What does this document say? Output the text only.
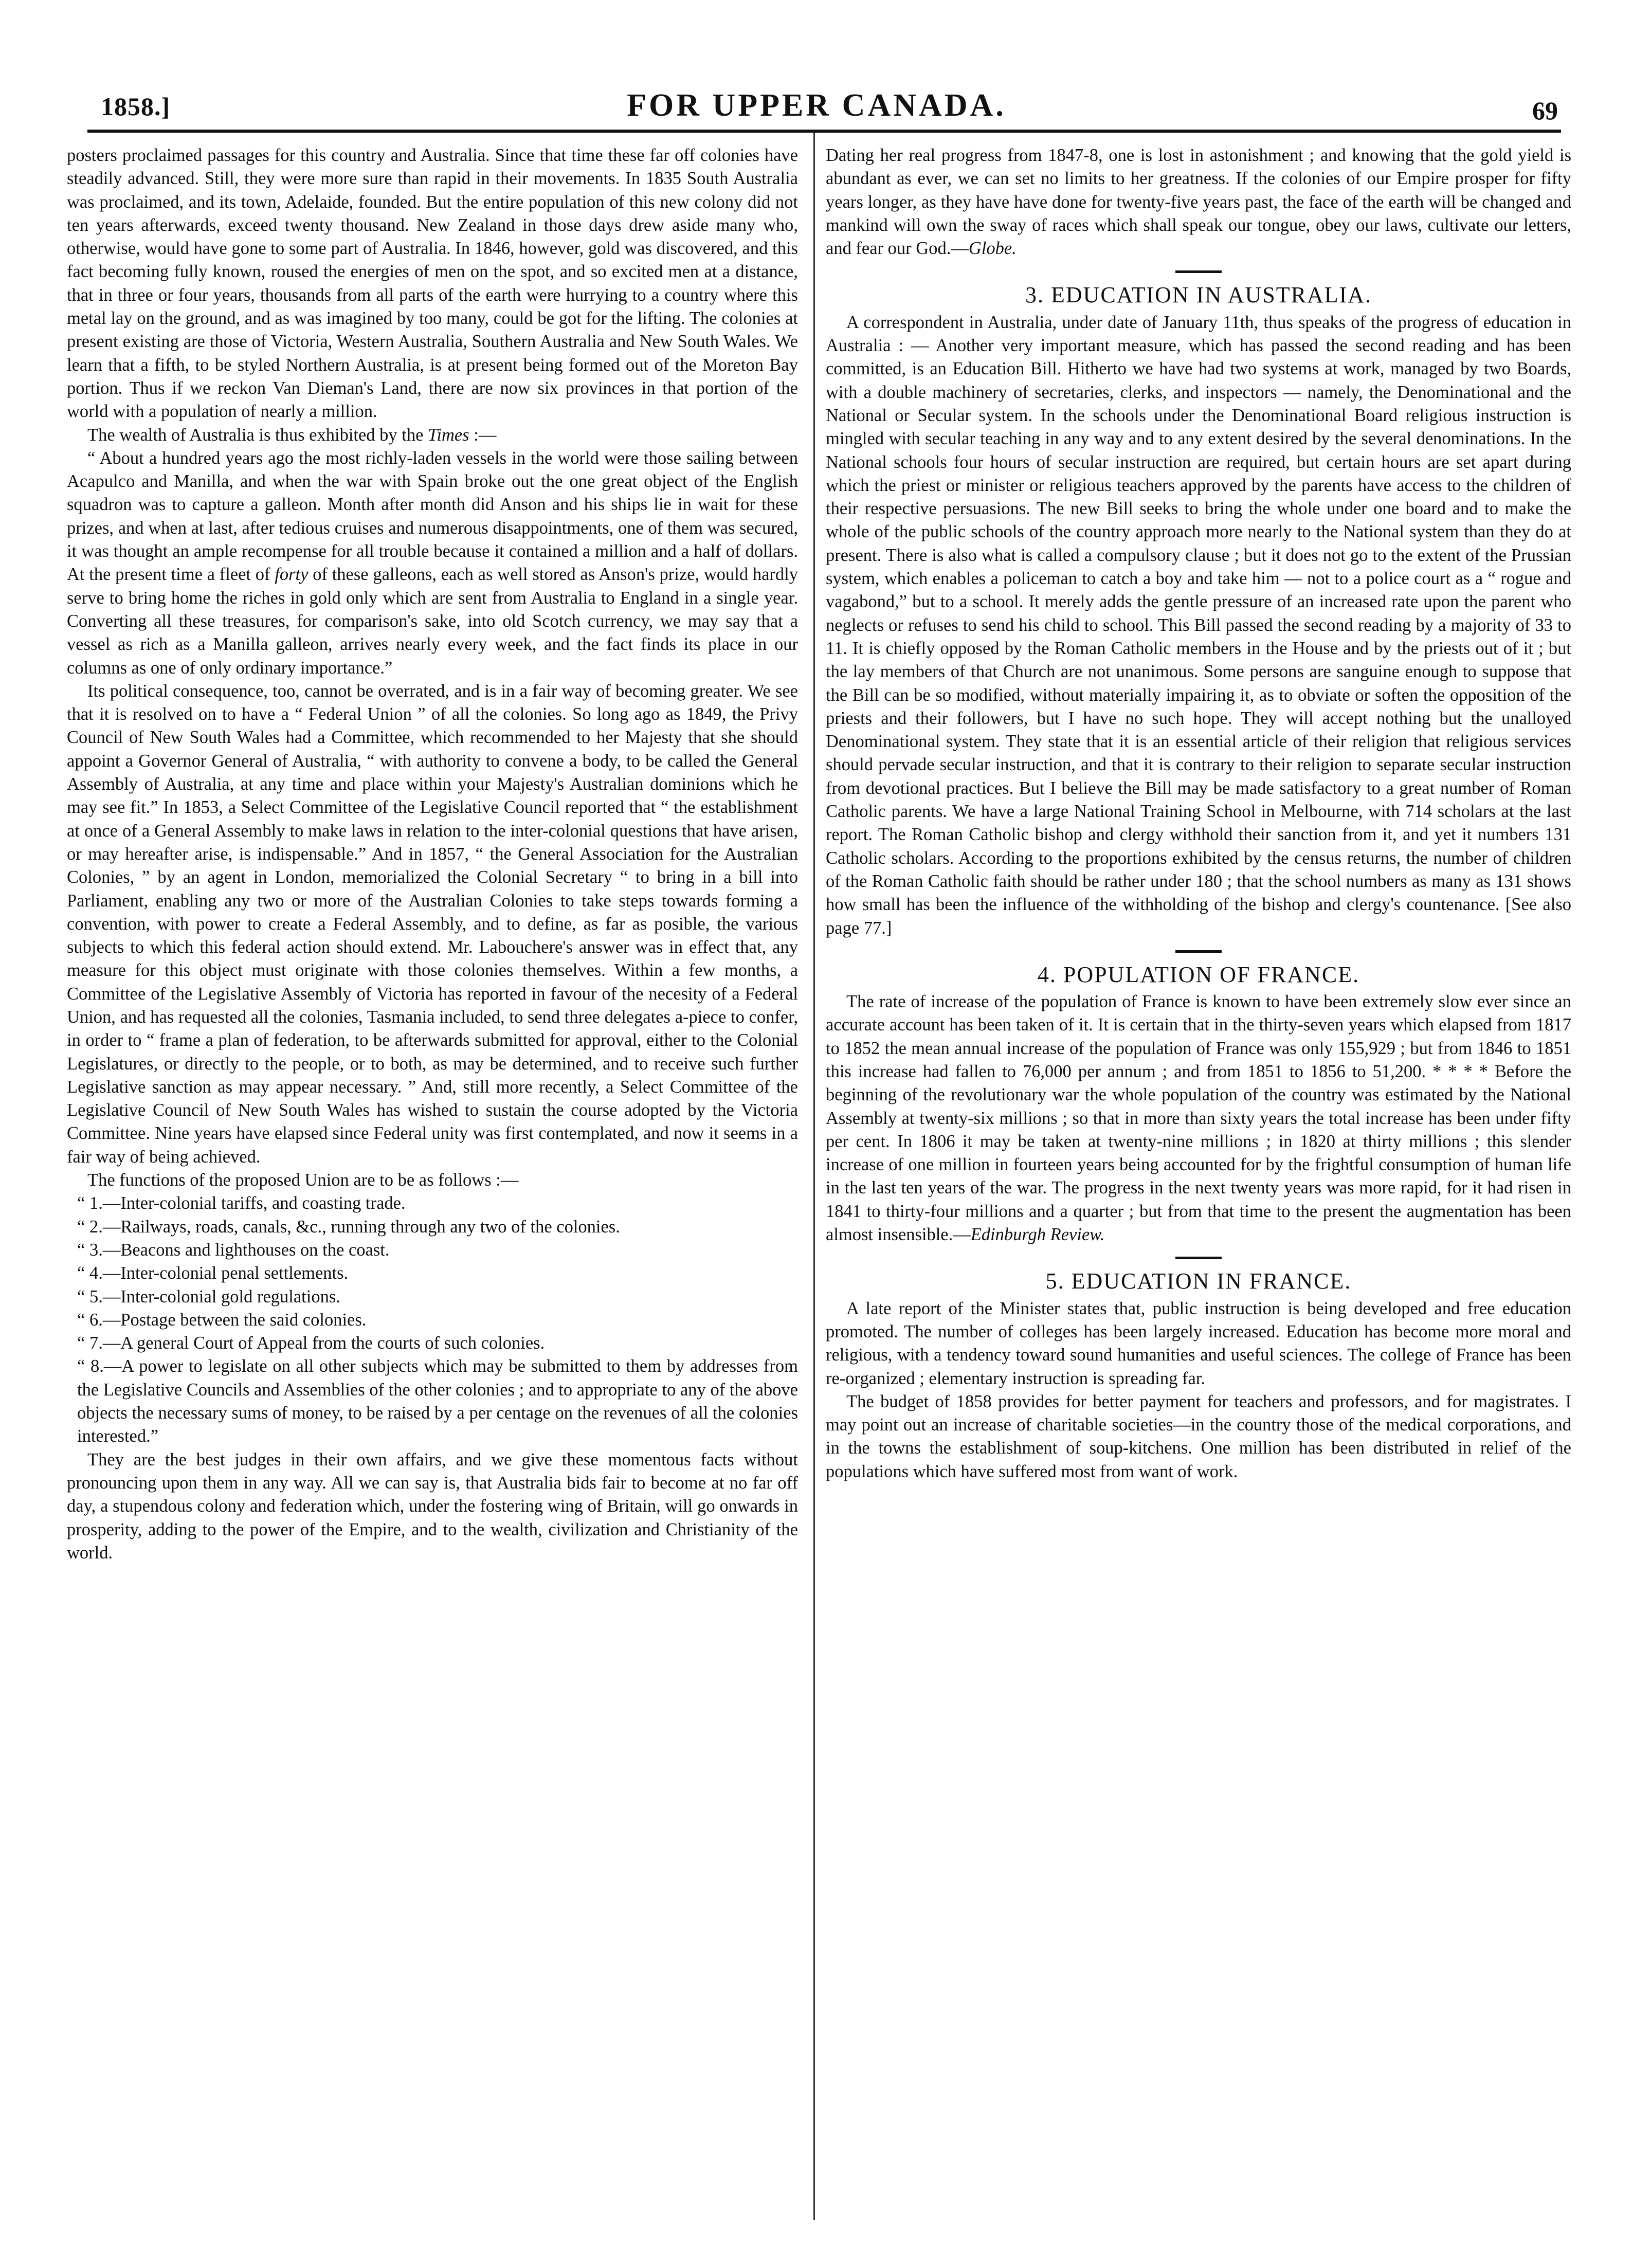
1858.]	FOR UPPER CANADA.	69

posters proclaimed passages for this country and Australia. Since that time these far off colonies have steadily advanced. Still, they were more sure than rapid in their movements. In 1835 South Australia was proclaimed, and its town, Adelaide, founded. But the entire population of this new colony did not ten years afterwards, exceed twenty thousand. New Zealand in those days drew aside many who, otherwise, would have gone to some part of Australia. In 1846, however, gold was discovered, and this fact becoming fully known, roused the energies of men on the spot, and so excited men at a distance, that in three or four years, thousands from all parts of the earth were hurrying to a country where this metal lay on the ground, and as was imagined by too many, could be got for the lifting. The colonies at present existing are those of Victoria, Western Australia, Southern Australia and New South Wales. We learn that a fifth, to be styled Northern Australia, is at present being formed out of the Moreton Bay portion. Thus if we reckon Van Dieman's Land, there are now six provinces in that portion of the world with a population of nearly a million.

The wealth of Australia is thus exhibited by the Times :—

“ About a hundred years ago the most richly-laden vessels in the world were those sailing between Acapulco and Manilla, and when the war with Spain broke out the one great object of the English squadron was to capture a galleon. Month after month did Anson and his ships lie in wait for these prizes, and when at last, after tedious cruises and numerous disappointments, one of them was secured, it was thought an ample recompense for all trouble because it contained a million and a half of dollars. At the present time a fleet of forty of these galleons, each as well stored as Anson's prize, would hardly serve to bring home the riches in gold only which are sent from Australia to England in a single year. Converting all these treasures, for comparison's sake, into old Scotch currency, we may say that a vessel as rich as a Manilla galleon, arrives nearly every week, and the fact finds its place in our columns as one of only ordinary importance.”

Its political consequence, too, cannot be overrated, and is in a fair way of becoming greater. We see that it is resolved on to have a “ Federal Union ” of all the colonies. So long ago as 1849, the Privy Council of New South Wales had a Committee, which recommended to her Majesty that she should appoint a Governor General of Australia, “ with authority to convene a body, to be called the General Assembly of Australia, at any time and place within your Majesty's Australian dominions which he may see fit.” In 1853, a Select Committee of the Legislative Council reported that “ the establishment at once of a General Assembly to make laws in relation to the inter-colonial questions that have arisen, or may hereafter arise, is indispensable.” And in 1857, “ the General Association for the Australian Colonies, ” by an agent in London, memorialized the Colonial Secretary “ to bring in a bill into Parliament, enabling any two or more of the Australian Colonies to take steps towards forming a convention, with power to create a Federal Assembly, and to define, as far as posible, the various subjects to which this federal action should extend. Mr. Labouchere's answer was in effect that, any measure for this object must originate with those colonies themselves. Within a few months, a Committee of the Legislative Assembly of Victoria has reported in favour of the necesity of a Federal Union, and has requested all the colonies, Tasmania included, to send three delegates a-piece to confer, in order to “ frame a plan of federation, to be afterwards submitted for approval, either to the Colonial Legislatures, or directly to the people, or to both, as may be determined, and to receive such further Legislative sanction as may appear necessary. ” And, still more recently, a Select Committee of the Legislative Council of New South Wales has wished to sustain the course adopted by the Victoria Committee. Nine years have elapsed since Federal unity was first contemplated, and now it seems in a fair way of being achieved.

The functions of the proposed Union are to be as follows :—

“ 1.—Inter-colonial tariffs, and coasting trade.

“ 2.—Railways, roads, canals, &c., running through any two of the colonies.

“ 3.—Beacons and lighthouses on the coast.

“ 4.—Inter-colonial penal settlements.

“ 5.—Inter-colonial gold regulations.

“ 6.—Postage between the said colonies.

“ 7.—A general Court of Appeal from the courts of such colonies.

“ 8.—A power to legislate on all other subjects which may be submitted to them by addresses from the Legislative Councils and Assemblies of the other colonies ; and to appropriate to any of the above objects the necessary sums of money, to be raised by a per centage on the revenues of all the colonies interested.”

They are the best judges in their own affairs, and we give these momentous facts without pronouncing upon them in any way. All we can say is, that Australia bids fair to become at no far off day, a stupendous colony and federation which, under the fostering wing of Britain, will go onwards in prosperity, adding to the power of the Empire, and to the wealth, civilization and Christianity of the world.

Dating her real progress from 1847-8, one is lost in astonishment ; and knowing that the gold yield is abundant as ever, we can set no limits to her greatness. If the colonies of our Empire prosper for fifty years longer, as they have have done for twenty-five years past, the face of the earth will be changed and mankind will own the sway of races which shall speak our tongue, obey our laws, cultivate our letters, and fear our God.—Globe.

3. EDUCATION IN AUSTRALIA.

A correspondent in Australia, under date of January 11th, thus speaks of the progress of education in Australia : — Another very important measure, which has passed the second reading and has been committed, is an Education Bill. Hitherto we have had two systems at work, managed by two Boards, with a double machinery of secretaries, clerks, and inspectors — namely, the Denominational and the National or Secular system. In the schools under the Denominational Board religious instruction is mingled with secular teaching in any way and to any extent desired by the several denominations. In the National schools four hours of secular instruction are required, but certain hours are set apart during which the priest or minister or religious teachers approved by the parents have access to the children of their respective persuasions. The new Bill seeks to bring the whole under one board and to make the whole of the public schools of the country approach more nearly to the National system than they do at present. There is also what is called a compulsory clause ; but it does not go to the extent of the Prussian system, which enables a policeman to catch a boy and take him — not to a police court as a “ rogue and vagabond,” but to a school. It merely adds the gentle pressure of an increased rate upon the parent who neglects or refuses to send his child to school. This Bill passed the second reading by a majority of 33 to 11. It is chiefly opposed by the Roman Catholic members in the House and by the priests out of it ; but the lay members of that Church are not unanimous. Some persons are sanguine enough to suppose that the Bill can be so modified, without materially impairing it, as to obviate or soften the opposition of the priests and their followers, but I have no such hope. They will accept nothing but the unalloyed Denominational system. They state that it is an essential article of their religion that religious services should pervade secular instruction, and that it is contrary to their religion to separate secular instruction from devotional practices. But I believe the Bill may be made satisfactory to a great number of Roman Catholic parents. We have a large National Training School in Melbourne, with 714 scholars at the last report. The Roman Catholic bishop and clergy withhold their sanction from it, and yet it numbers 131 Catholic scholars. According to the proportions exhibited by the census returns, the number of children of the Roman Catholic faith should be rather under 180 ; that the school numbers as many as 131 shows how small has been the influence of the withholding of the bishop and clergy's countenance. [See also page 77.]

4. POPULATION OF FRANCE.

The rate of increase of the population of France is known to have been extremely slow ever since an accurate account has been taken of it. It is certain that in the thirty-seven years which elapsed from 1817 to 1852 the mean annual increase of the population of France was only 155,929 ; but from 1846 to 1851 this increase had fallen to 76,000 per annum ; and from 1851 to 1856 to 51,200. * * * * Before the beginning of the revolutionary war the whole population of the country was estimated by the National Assembly at twenty-six millions ; so that in more than sixty years the total increase has been under fifty per cent. In 1806 it may be taken at twenty-nine millions ; in 1820 at thirty millions ; this slender increase of one million in fourteen years being accounted for by the frightful consumption of human life in the last ten years of the war. The progress in the next twenty years was more rapid, for it had risen in 1841 to thirty-four millions and a quarter ; but from that time to the present the augmentation has been almost insensible.—Edinburgh Review.

5. EDUCATION IN FRANCE.

A late report of the Minister states that, public instruction is being developed and free education promoted. The number of colleges has been largely increased. Education has become more moral and religious, with a tendency toward sound humanities and useful sciences. The college of France has been re-organized ; elementary instruction is spreading far.

The budget of 1858 provides for better payment for teachers and professors, and for magistrates. I may point out an increase of charitable societies—in the country those of the medical corporations, and in the towns the establishment of soup-kitchens. One million has been distributed in relief of the populations which have suffered most from want of work.
